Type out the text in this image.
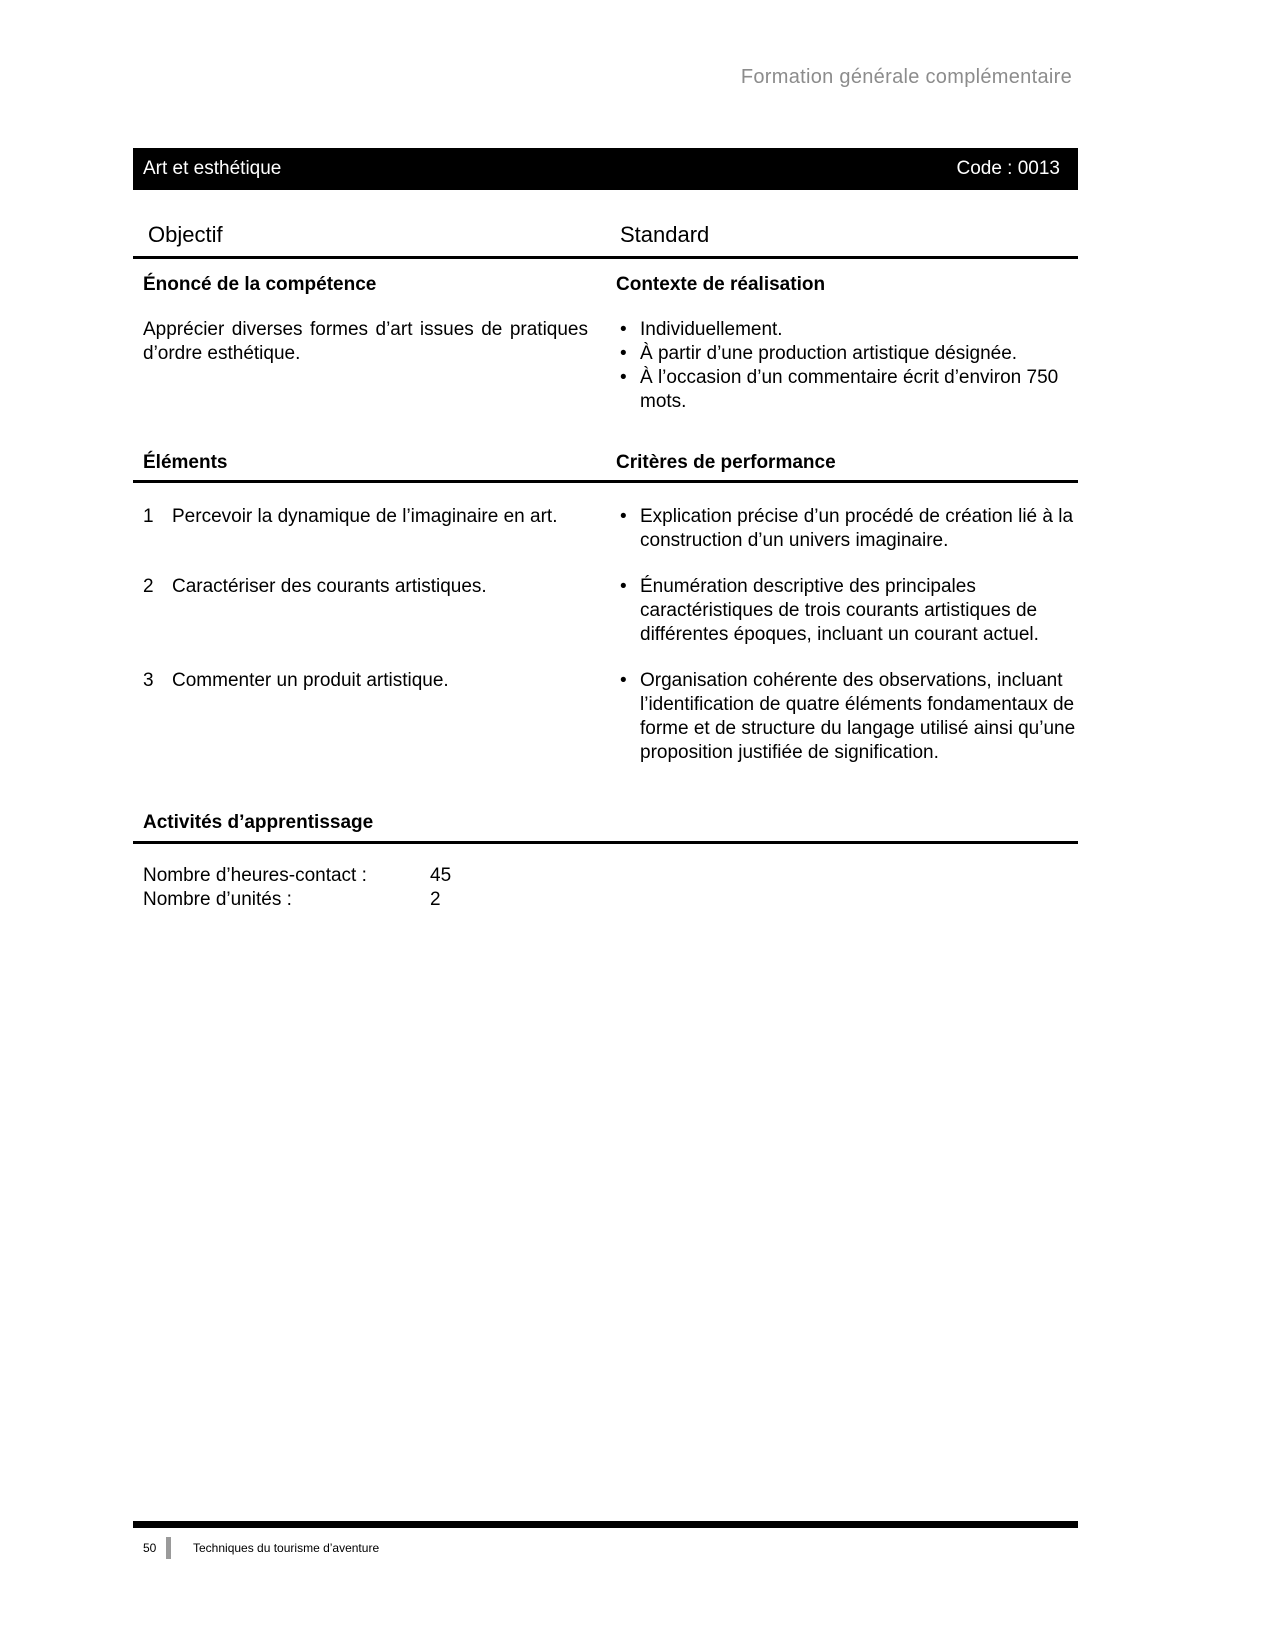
Formation générale complémentaire
Art et esthétique	Code : 0013
Objectif	Standard
Énoncé de la compétence
Apprécier diverses formes d’art issues de pratiques d’ordre esthétique.
Contexte de réalisation
• Individuellement.
• À partir d’une production artistique désignée.
• À l’occasion d’un commentaire écrit d’environ 750 mots.
Éléments	Critères de performance
1 Percevoir la dynamique de l’imaginaire en art.	• Explication précise d’un procédé de création lié à la construction d’un univers imaginaire.
2 Caractériser des courants artistiques.	• Énumération descriptive des principales caractéristiques de trois courants artistiques de différentes époques, incluant un courant actuel.
3 Commenter un produit artistique.	• Organisation cohérente des observations, incluant l’identification de quatre éléments fondamentaux de forme et de structure du langage utilisé ainsi qu’une proposition justifiée de signification.
Activités d’apprentissage
Nombre d’heures-contact :	45
Nombre d’unités :	2
50	Techniques du tourisme d’aventure
